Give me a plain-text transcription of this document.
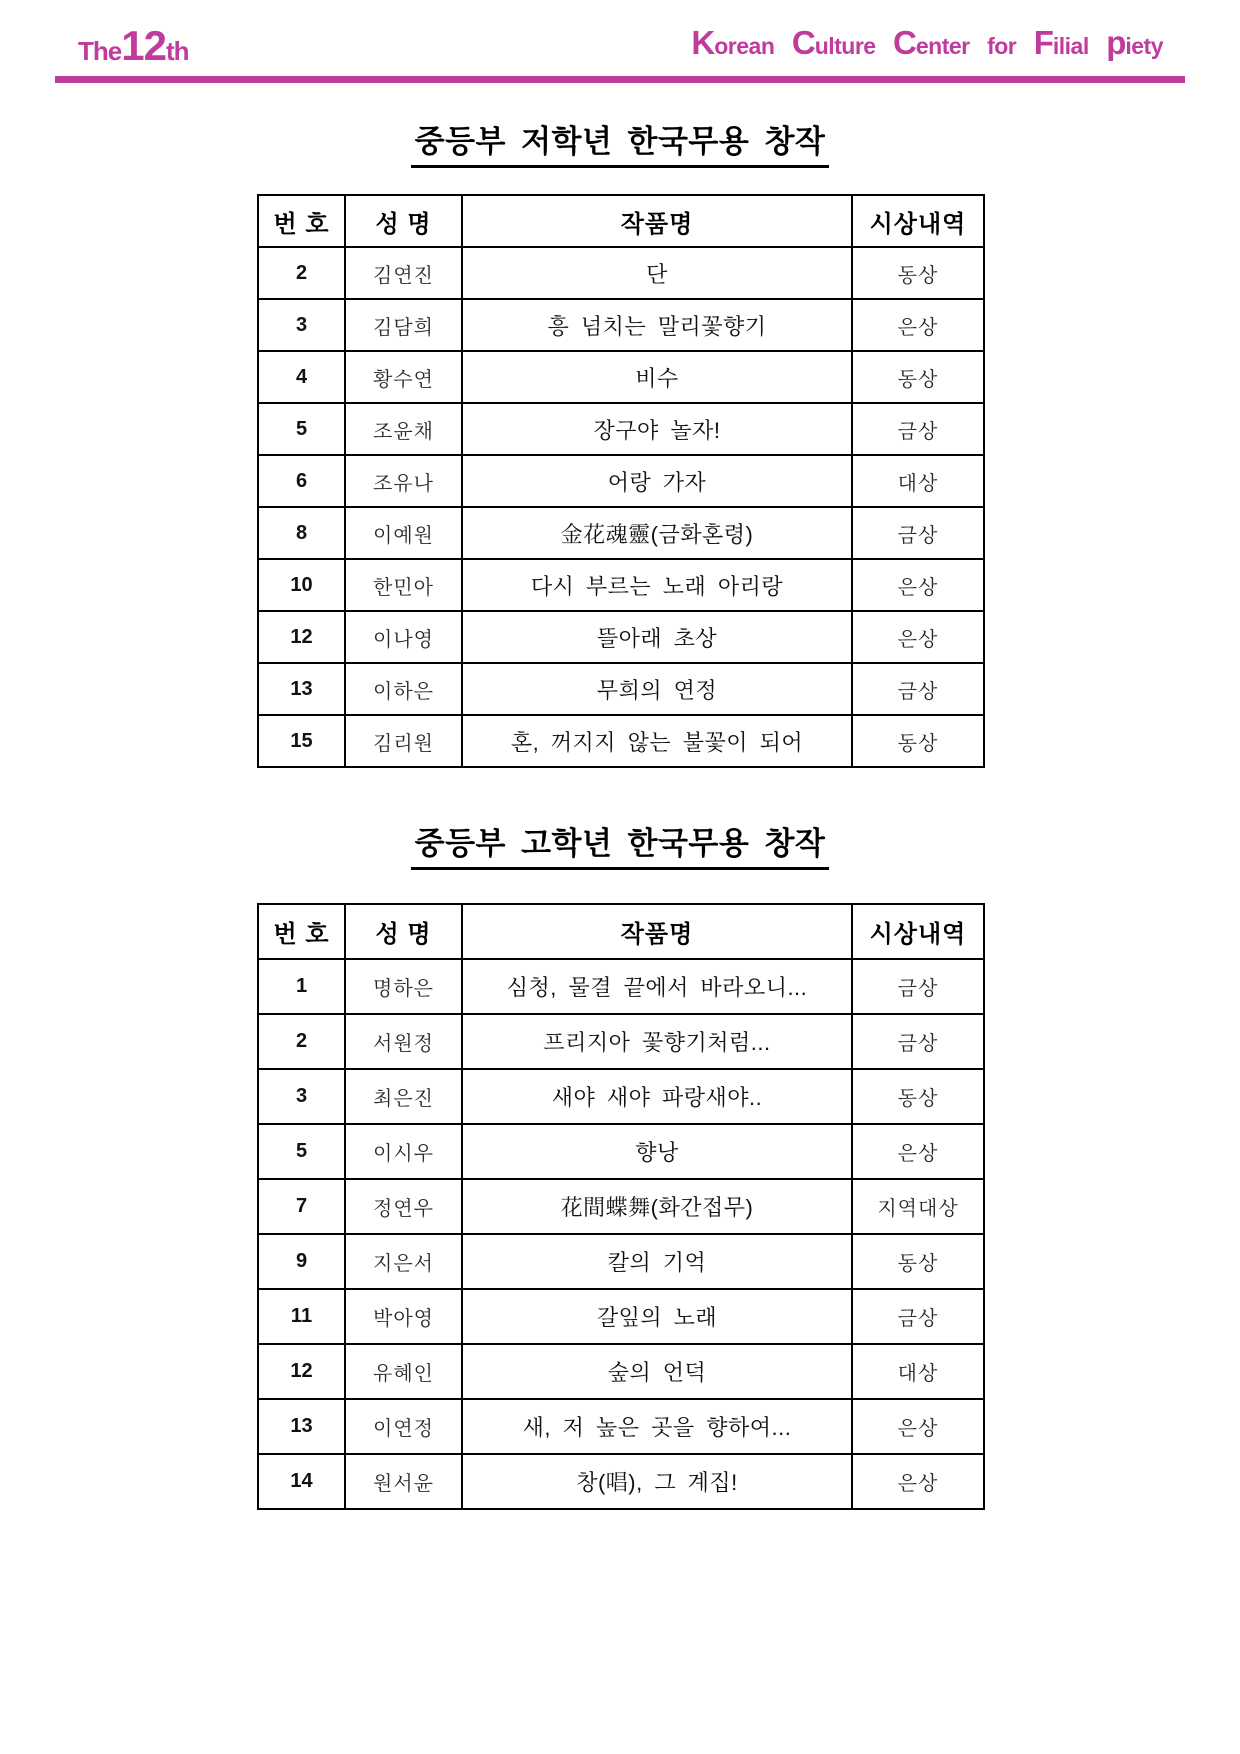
The12th	Korean Culture Center for Filial piety
중등부 저학년 한국무용 창작
번 호	성 명	작품명	시상내역
2	김연진	단	동상
3	김담희	흥 넘치는 말리꽃향기	은상
4	황수연	비수	동상
5	조윤채	장구야 놀자!	금상
6	조유나	어랑 가자	대상
8	이예원	金花魂靈(금화혼령)	금상
10	한민아	다시 부르는 노래 아리랑	은상
12	이나영	뜰아래 초상	은상
13	이하은	무희의 연정	금상
15	김리원	혼, 꺼지지 않는 불꽃이 되어	동상
중등부 고학년 한국무용 창작
번 호	성 명	작품명	시상내역
1	명하은	심청, 물결 끝에서 바라오니...	금상
2	서원정	프리지아 꽃향기처럼...	금상
3	최은진	새야 새야 파랑새야..	동상
5	이시우	향낭	은상
7	정연우	花間蝶舞(화간접무)	지역대상
9	지은서	칼의 기억	동상
11	박아영	갈잎의 노래	금상
12	유혜인	숲의 언덕	대상
13	이연정	새, 저 높은 곳을 향하여...	은상
14	원서윤	창(唱), 그 계집!	은상
